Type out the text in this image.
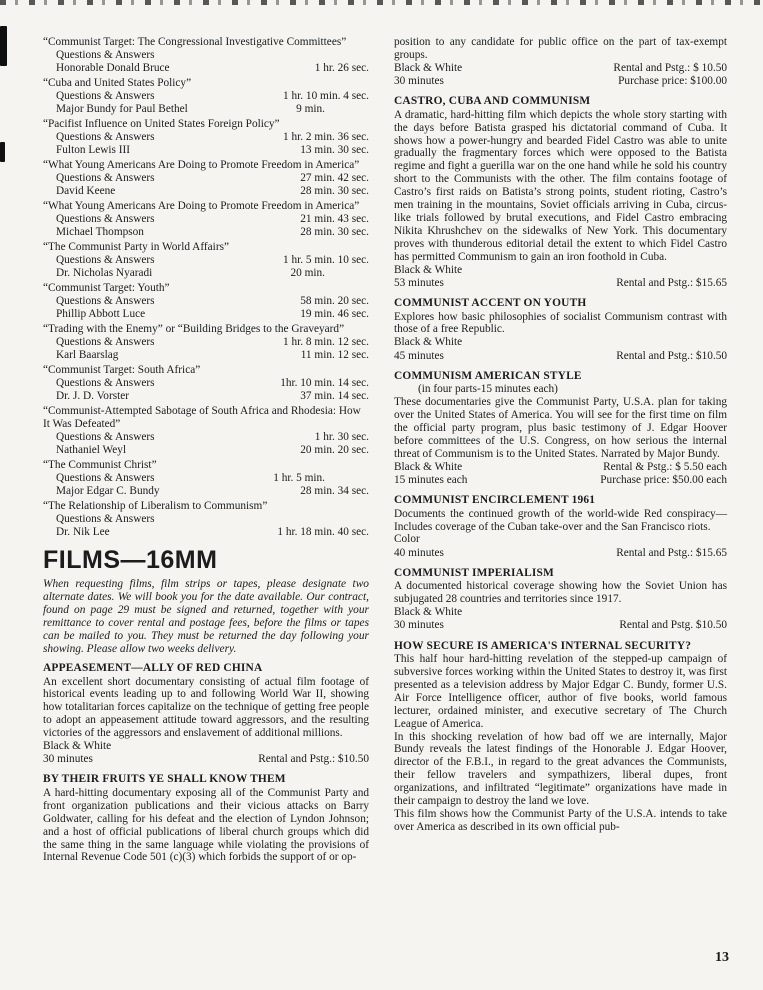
“Communist Target: The Congressional Investigative Committees”
Questions & Answers
Honorable Donald Bruce	1 hr. 26 sec.
“Cuba and United States Policy”
Questions & Answers	1 hr. 10 min. 4 sec.
Major Bundy for Paul Bethel	9 min.
“Pacifist Influence on United States Foreign Policy”
Questions & Answers	1 hr. 2 min. 36 sec.
Fulton Lewis III	13 min. 30 sec.
“What Young Americans Are Doing to Promote Freedom in America”
Questions & Answers	27 min. 42 sec.
David Keene	28 min. 30 sec.
“What Young Americans Are Doing to Promote Freedom in America”
Questions & Answers	21 min. 43 sec.
Michael Thompson	28 min. 30 sec.
“The Communist Party in World Affairs”
Questions & Answers	1 hr. 5 min. 10 sec.
Dr. Nicholas Nyaradi	20 min.
“Communist Target: Youth”
Questions & Answers	58 min. 20 sec.
Phillip Abbott Luce	19 min. 46 sec.
“Trading with the Enemy” or “Building Bridges to the Graveyard”
Questions & Answers	1 hr. 8 min. 12 sec.
Karl Baarslag	11 min. 12 sec.
“Communist Target: South Africa”
Questions & Answers	1hr. 10 min. 14 sec.
Dr. J. D. Vorster	37 min. 14 sec.
“Communist-Attempted Sabotage of South Africa and Rhodesia: How It Was Defeated”
Questions & Answers	1 hr. 30 sec.
Nathaniel Weyl	20 min. 20 sec.
“The Communist Christ”
Questions & Answers	1 hr. 5 min.
Major Edgar C. Bundy	28 min. 34 sec.
“The Relationship of Liberalism to Communism”
Questions & Answers
Dr. Nik Lee	1 hr. 18 min. 40 sec.
FILMS—16MM

When requesting films, film strips or tapes, please designate two alternate dates. We will book you for the date available. Our contract, found on page 29 must be signed and returned, together with your remittance to cover rental and postage fees, before the films or tapes can be mailed to you. They must be returned the day following your showing. Please allow two weeks delivery.

APPEASEMENT—ALLY OF RED CHINA
An excellent short documentary consisting of actual film footage of historical events leading up to and following World War II, showing how totalitarian forces capitalize on the technique of getting free people to adopt an appeasement attitude toward aggressors, and the resulting victories of the aggressors and enslavement of additional millions.
Black & White
30 minutes	Rental and Pstg.: $10.50
BY THEIR FRUITS YE SHALL KNOW THEM
A hard-hitting documentary exposing all of the Communist Party and front organization publications and their vicious attacks on Barry Goldwater, calling for his defeat and the election of Lyndon Johnson; and a host of official publications of liberal church groups which did the same thing in the same language while violating the provisions of Internal Revenue Code 501 (c)(3) which forbids the support of or op-
position to any candidate for public office on the part of tax-exempt groups.
Black & White	Rental and Pstg.: $ 10.50
30 minutes	Purchase price: $100.00
CASTRO, CUBA AND COMMUNISM
A dramatic, hard-hitting film which depicts the whole story starting with the days before Batista grasped his dictatorial command of Cuba. It shows how a power-hungry and bearded Fidel Castro was able to unite gradually the fragmentary forces which were opposed to the Batista regime and fight a guerilla war on the one hand while he sold his country short to the Communists with the other. The film contains footage of Castro’s first raids on Batista’s strong points, student rioting, Castro’s men training in the mountains, Soviet officials arriving in Cuba, circus-like trials followed by brutal executions, and Fidel Castro embracing Nikita Khrushchev on the sidewalks of New York. This documentary proves with thunderous editorial detail the extent to which Fidel Castro has permitted Communism to gain an iron foothold in Cuba.
Black & White
53 minutes	Rental and Pstg.: $15.65
COMMUNIST ACCENT ON YOUTH
Explores how basic philosophies of socialist Communism contrast with those of a free Republic.
Black & White
45 minutes	Rental and Pstg.: $10.50
COMMUNISM AMERICAN STYLE
(in four parts-15 minutes each)
These documentaries give the Communist Party, U.S.A. plan for taking over the United States of America. You will see for the first time on film the official party program, plus basic testimony of J. Edgar Hoover before committees of the U.S. Congress, on how serious the internal threat of Communism is to the United States. Narrated by Major Bundy.
Black & White	Rental & Pstg.: $ 5.50 each
15 minutes each	Purchase price: $50.00 each
COMMUNIST ENCIRCLEMENT 1961
Documents the continued growth of the world-wide Red conspiracy—Includes coverage of the Cuban take-over and the San Francisco riots.
Color
40 minutes	Rental and Pstg.: $15.65
COMMUNIST IMPERIALISM
A documented historical coverage showing how the Soviet Union has subjugated 28 countries and territories since 1917.
Black & White
30 minutes	Rental and Pstg. $10.50
HOW SECURE IS AMERICA'S INTERNAL SECURITY?
This half hour hard-hitting revelation of the stepped-up campaign of subversive forces working within the United States to destroy it, was first presented as a television address by Major Edgar C. Bundy, former U.S. Air Force Intelligence officer, author of five books, world famous lecturer, ordained minister, and executive secretary of The Church League of America.
In this shocking revelation of how bad off we are internally, Major Bundy reveals the latest findings of the Honorable J. Edgar Hoover, director of the F.B.I., in regard to the great advances the Communists, their fellow travelers and sympathizers, liberal dupes, front organizations, and infiltrated “legitimate” organizations have made in their campaign to destroy the land we love.
This film shows how the Communist Party of the U.S.A. intends to take over America as described in its own official pub-
13
